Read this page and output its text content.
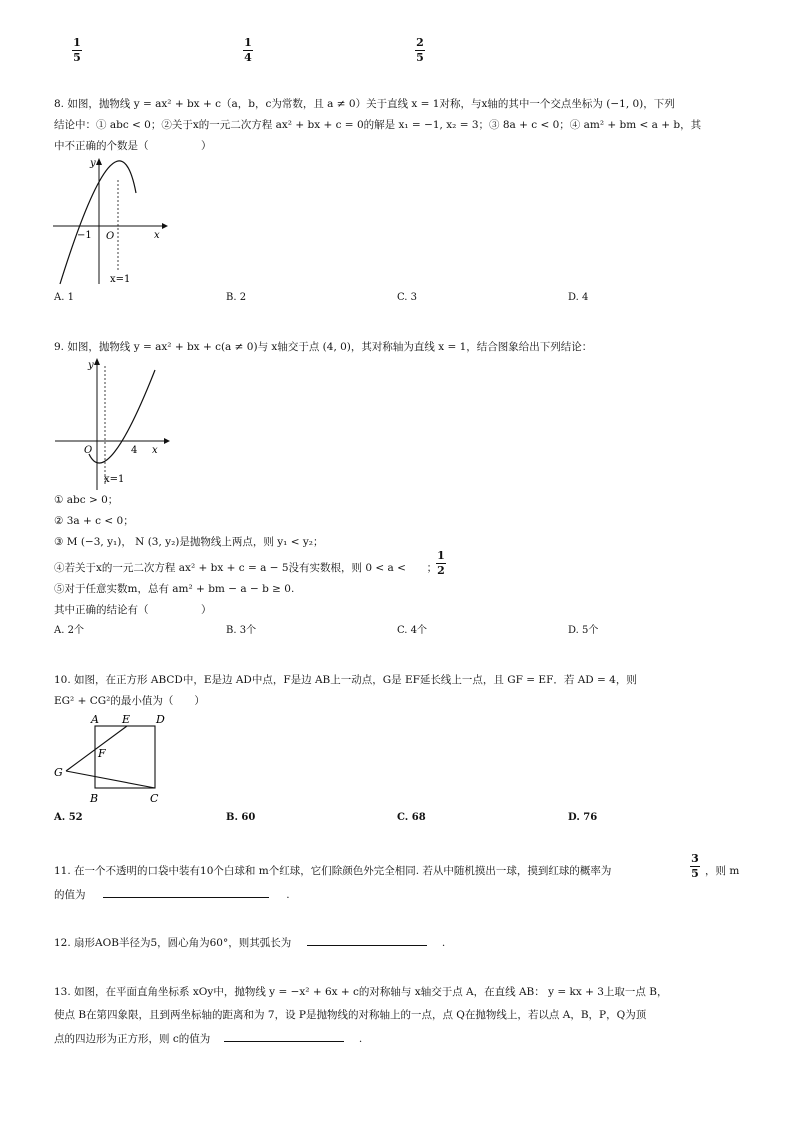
$\frac{1}{5}$	$\frac{1}{4}$	$\frac{2}{5}$
8. 如图，抛物线 y = ax² + bx + c（a，b，c为常数，且 a ≠ 0）关于直线 x = 1对称，与x轴的其中一个交点坐标为 (−1, 0)，下列
结论中：① abc < 0；②关于x的一元二次方程 ax² + bx + c = 0的解是 x₁ = −1, x₂ = 3；③ 8a + c < 0；④ am² + bm < a + b，其
中不正确的个数是（　　　　　）
y
x
O
−1
x=1
A. 1	B. 2	C. 3	D. 4
9. 如图，抛物线 y = ax² + bx + c(a ≠ 0)与 x轴交于点 (4, 0)，其对称轴为直线 x = 1，结合图象给出下列结论：
y
x
O	4
x=1
① abc > 0；
② 3a + c < 0；
③ M (−3, y₁)， N (3, y₂)是抛物线上两点，则 y₁ < y₂；
④若关于x的一元二次方程 ax² + bx + c = a − 5没有实数根，则 0 < a < ；
$\frac{1}{2}$
⑤对于任意实数m，总有 am² + bm − a − b ≥ 0.
其中正确的结论有（　　　　　）
A. 2个	B. 3个	C. 4个	D. 5个
10. 如图，在正方形 ABCD中，E是边 AD中点，F是边 AB上一动点，G是 EF延长线上一点，且 GF = EF．若 AD = 4，则
EG² + CG²的最小值为（　　）
A E D
F
G
B	C
A. 52	B. 60	C. 68	D. 76
11. 在一个不透明的口袋中装有10个白球和 m个红球，它们除颜色外完全相同. 若从中随机摸出一球，摸到红球的概率为	$\frac{3}{5}$ ，则 m
的值为	.
12. 扇形AOB半径为5，圆心角为60°，则其弧长为	.
13. 如图，在平面直角坐标系 xOy中，抛物线 y = −x² + 6x + c的对称轴与 x轴交于点 A，在直线 AB： y = kx + 3上取一点 B，
使点 B在第四象限，且到两坐标轴的距离和为 7，设 P是抛物线的对称轴上的一点，点 Q在抛物线上，若以点 A，B，P，Q为顶
点的四边形为正方形，则 c的值为	.
